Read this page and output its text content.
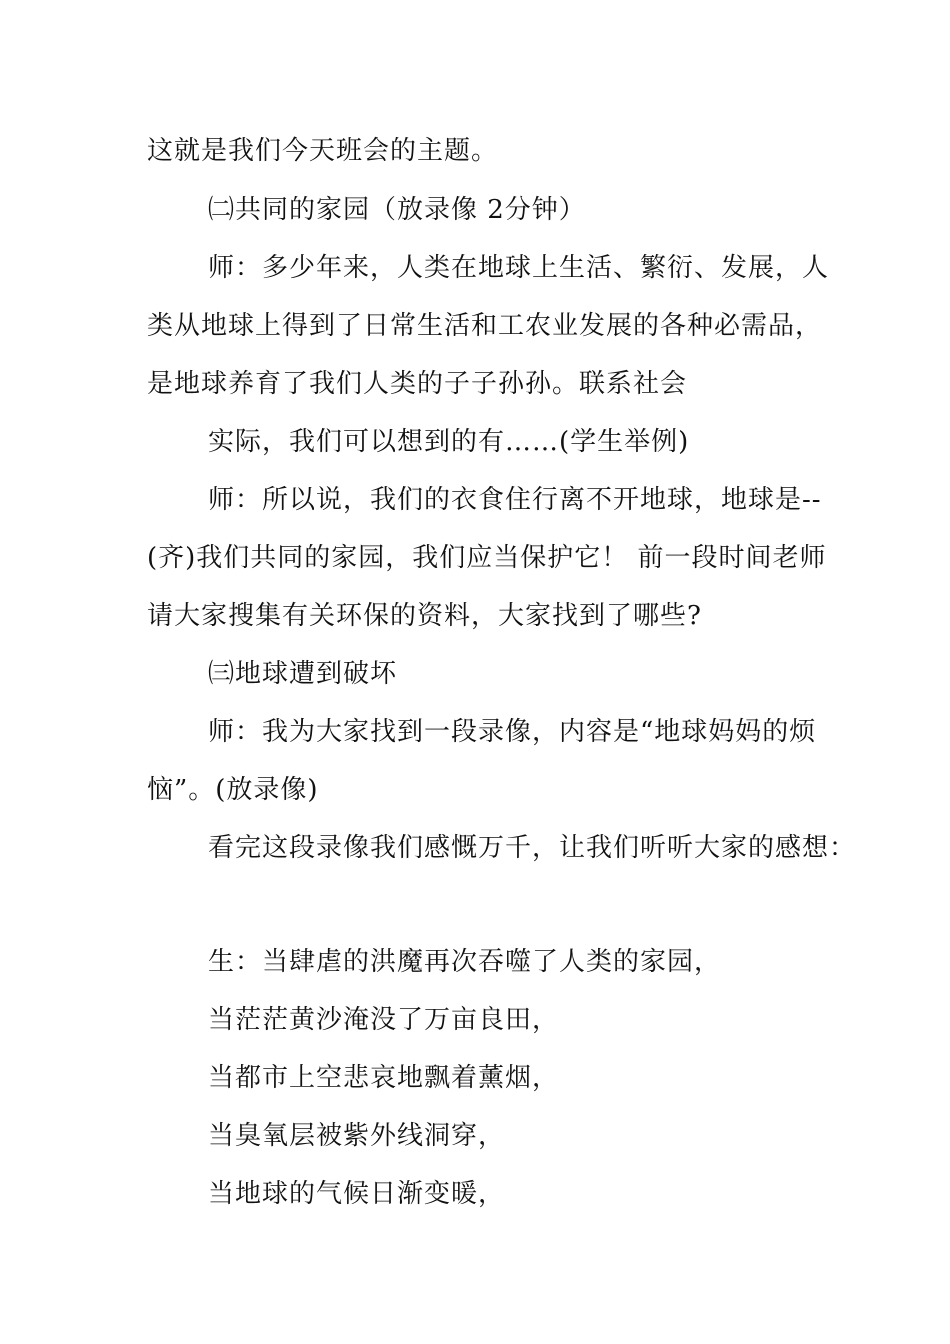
这就是我们今天班会的主题。
㈡共同的家园（放录像 2分钟）
师：多少年来，人类在地球上生活、繁衍、发展，人
类从地球上得到了日常生活和工农业发展的各种必需品，
是地球养育了我们人类的子子孙孙。联系社会
实际，我们可以想到的有……(学生举例)
师：所以说，我们的衣食住行离不开地球，地球是--
(齐)我们共同的家园，我们应当保护它！ 前一段时间老师
请大家搜集有关环保的资料，大家找到了哪些?
㈢地球遭到破坏
师：我为大家找到一段录像，内容是“地球妈妈的烦
恼”。(放录像)
看完这段录像我们感慨万千，让我们听听大家的感想：
生：当肆虐的洪魔再次吞噬了人类的家园，
当茫茫黄沙淹没了万亩良田，
当都市上空悲哀地飘着薰烟，
当臭氧层被紫外线洞穿，
当地球的气候日渐变暖，
